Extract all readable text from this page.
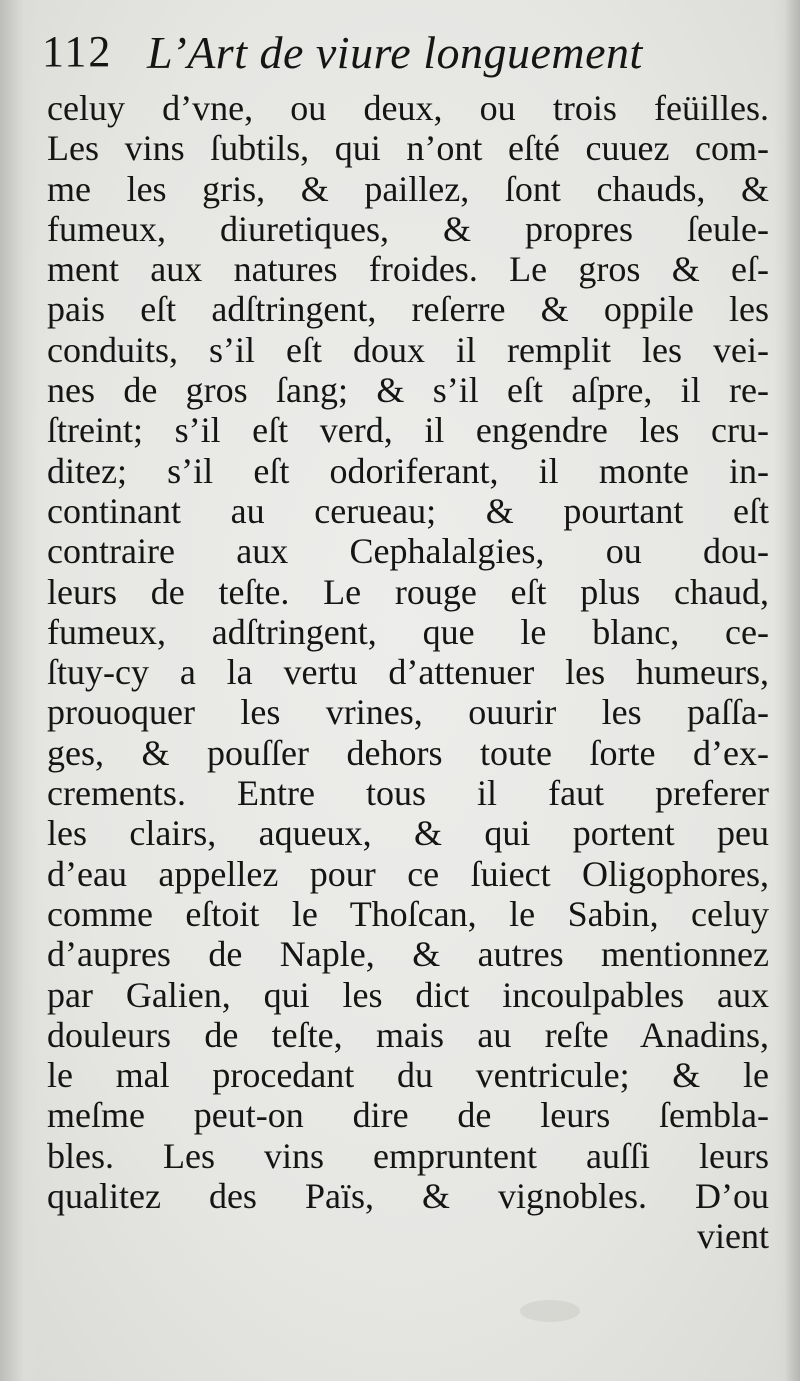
112 L’Art de viure longuement
celuy d’vne, ou deux, ou trois feüilles.
Les vins ſubtils, qui n’ont eſté cuuez com-
me les gris, & paillez, ſont chauds, &
fumeux, diuretiques, & propres ſeule-
ment aux natures froides. Le gros & eſ-
pais eſt adſtringent, reſerre & oppile les
conduits, s’il eſt doux il remplit les vei-
nes de gros ſang; & s’il eſt aſpre, il re-
ſtreint; s’il eſt verd, il engendre les cru-
ditez; s’il eſt odoriferant, il monte in-
continant au cerueau; & pourtant eſt
contraire aux Cephalalgies, ou dou-
leurs de teſte. Le rouge eſt plus chaud,
fumeux, adſtringent, que le blanc, ce-
ſtuy-cy a la vertu d’attenuer les humeurs,
prouoquer les vrines, ouurir les paſſa-
ges, & pouſſer dehors toute ſorte d’ex-
crements. Entre tous il faut preferer
les clairs, aqueux, & qui portent peu
d’eau appellez pour ce ſuiect Oligophores,
comme eſtoit le Thoſcan, le Sabin, celuy
d’aupres de Naple, & autres mentionnez
par Galien, qui les dict incoulpables aux
douleurs de teſte, mais au reſte Anadins,
le mal procedant du ventricule; & le
meſme peut-on dire de leurs ſembla-
bles. Les vins empruntent auſſi leurs
qualitez des Païs, & vignobles. D’ou
vient
